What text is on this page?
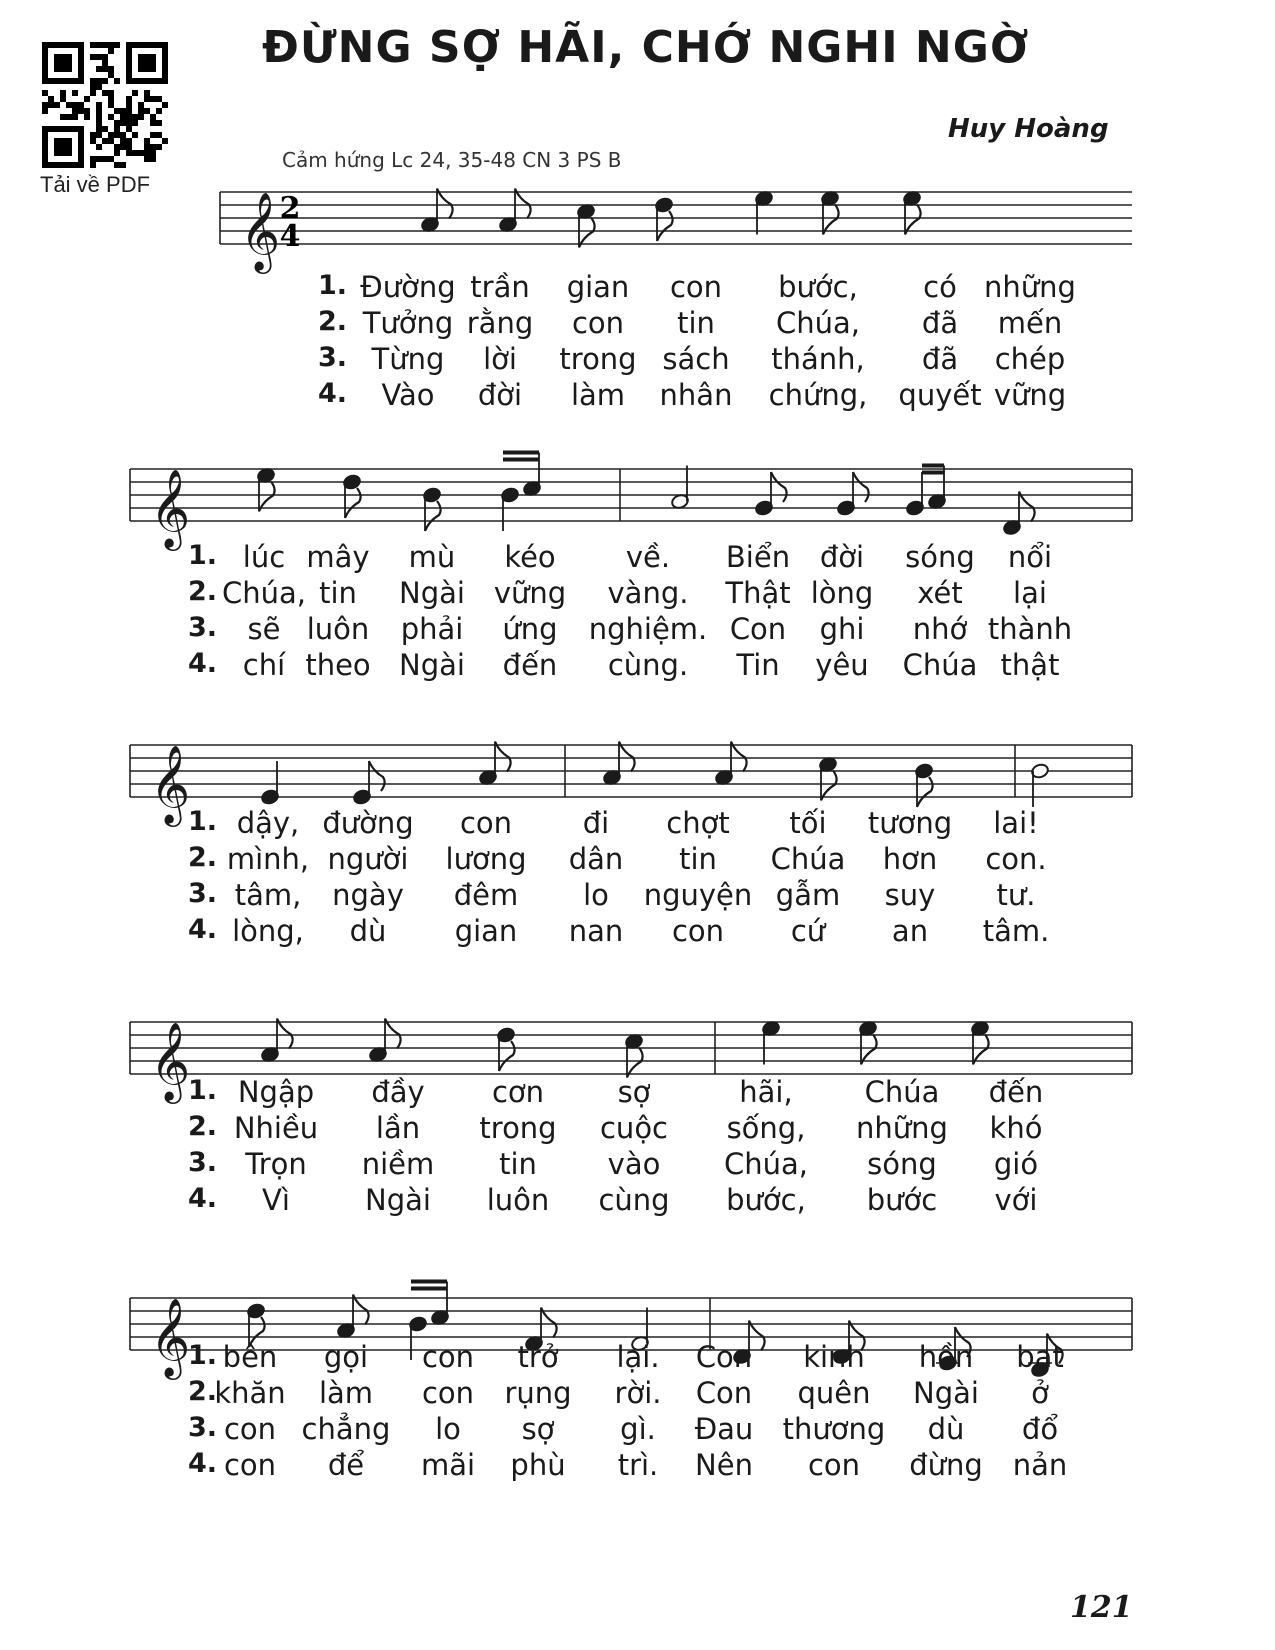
Tải về PDF
ĐỪNG SỢ HÃI, CHỚ NGHI NGỜ
Huy Hoàng
Cảm hứng Lc 24, 35-48 CN 3 PS B
𝄞
𝄞
𝄞
𝄞
𝄞
2
4
1. Đường trần gian con bước, có những
2. Tưởng rằng con tin Chúa, đã mến
3. Từng lời trong sách thánh, đã chép
4. Vào đời làm nhân chứng, quyết vững
1. lúc mây mù kéo về. Biển đời sóng nổi
2. Chúa, tin Ngài vững vàng. Thật lòng xét lại
3. sẽ luôn phải ứng nghiệm. Con ghi nhớ thành
4. chí theo Ngài đến cùng. Tin yêu Chúa thật
1. dậy, đường con đi chợt tối tương lai!
2. mình, người lương dân tin Chúa hơn con.
3. tâm, ngày đêm lo nguyện gẫm suy tư.
4. lòng, dù gian nan con cứ an tâm.
1. Ngập đầy cơn	sợ	hãi, Chúa đến
2. Nhiều lần trong cuộc sống, những khó
3. Trọn niềm tin vào Chúa, sóng gió
4. Vì	Ngài luôn cùng bước, bước với
1. bên gọi con trở lại. Con kinh hồn bạt
2.
khăn làm con rụng rời. Con quên Ngài ở
3. con chẳng lo sợ gì. Đau thương dù đổ
4. con để mãi phù trì. Nên con đừng nản
121
